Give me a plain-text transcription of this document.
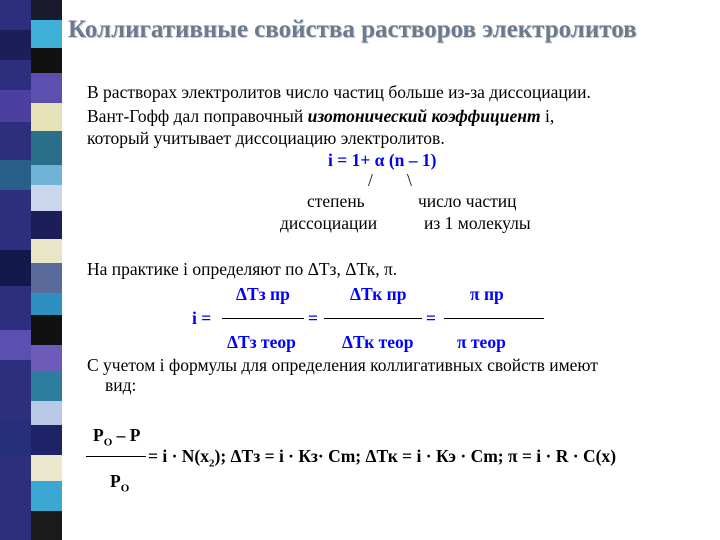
Коллигативные свойства растворов электролитов
В растворах электролитов число частиц больше из-за диссоциации.
Вант-Гофф дал поправочный изотонический коэффициент i,
который учитывает диссоциацию электролитов.
i = 1+ α (n – 1)
/ \
степень	число частиц
диссоциации	из 1 молекулы
На практике i определяют по ΔТз, ΔТк, π.
ΔТз пр	ΔТк пр	π пр
i =	=	=
ΔТз теор	ΔТк теор π теор
С учетом i формулы для определения коллигативных свойств имеют
вид:
$P_O$ – P
= $i \cdot N(x_2)$; ΔТз = i · Кз· Cm; ΔТк = i · Кэ · Cm; π = i · R · C(x)
$P_O$
